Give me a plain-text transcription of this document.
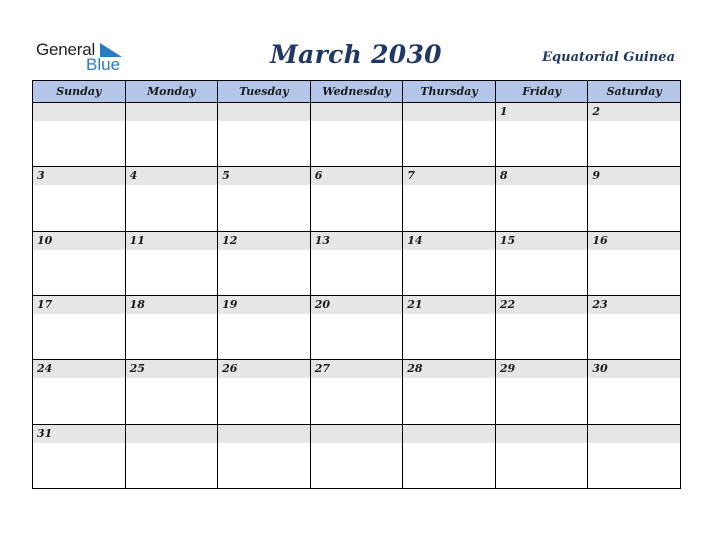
General
Blue	March 2030	Equatorial Guinea
Sunday	Monday	Tuesday	Wednesday	Thursday	Friday	Saturday

					1	2

3	4	5	6	7	8	9

10	11	12	13	14	15	16

17	18	19	20	21	22	23

24	25	26	27	28	29	30

31						
